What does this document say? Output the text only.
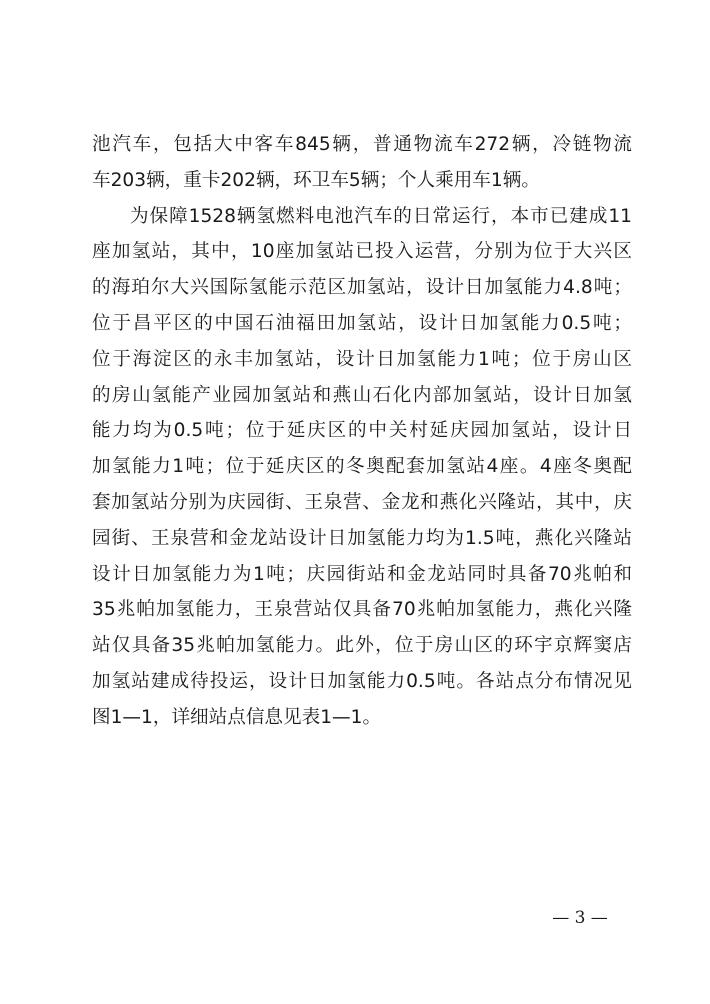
池汽车，包括大中客车845辆，普通物流车272辆，冷链物流
车203辆，重卡202辆，环卫车5辆；个人乘用车1辆。
为保障1528辆氢燃料电池汽车的日常运行，本市已建成11
座加氢站，其中，10座加氢站已投入运营，分别为位于大兴区
的海珀尔大兴国际氢能示范区加氢站，设计日加氢能力4.8吨；
位于昌平区的中国石油福田加氢站，设计日加氢能力0.5吨；
位于海淀区的永丰加氢站，设计日加氢能力1吨；位于房山区
的房山氢能产业园加氢站和燕山石化内部加氢站，设计日加氢
能力均为0.5吨；位于延庆区的中关村延庆园加氢站，设计日
加氢能力1吨；位于延庆区的冬奥配套加氢站4座。4座冬奥配
套加氢站分别为庆园街、王泉营、金龙和燕化兴隆站，其中，庆
园街、王泉营和金龙站设计日加氢能力均为1.5吨，燕化兴隆站
设计日加氢能力为1吨；庆园街站和金龙站同时具备70兆帕和
35兆帕加氢能力，王泉营站仅具备70兆帕加氢能力，燕化兴隆
站仅具备35兆帕加氢能力。此外，位于房山区的环宇京辉窦店
加氢站建成待投运，设计日加氢能力0.5吨。各站点分布情况见
图1—1，详细站点信息见表1—1。
— 3 —
